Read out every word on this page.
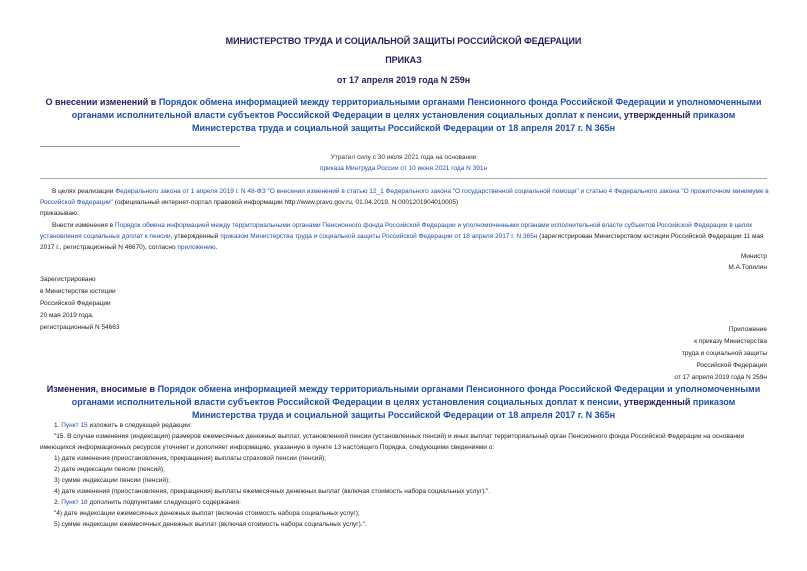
МИНИСТЕРСТВО ТРУДА И СОЦИАЛЬНОЙ ЗАЩИТЫ РОССИЙСКОЙ ФЕДЕРАЦИИ
ПРИКАЗ
от 17 апреля 2019 года N 259н
О внесении изменений в Порядок обмена информацией между территориальными органами Пенсионного фонда Российской Федерации и уполномоченными органами исполнительной власти субъектов Российской Федерации в целях установления социальных доплат к пенсии, утвержденный приказом Министерства труда и социальной защиты Российской Федерации от 18 апреля 2017 г. N 365н
Утратил силу с 30 июля 2021 года на основании
приказа Минтруда России от 10 июня 2021 года N 391н
В целях реализации Федерального закона от 1 апреля 2019 г. N 48-ФЗ "О внесении изменений в статью 12_1 Федерального закона "О государственной социальной помощи" и статью 4 Федерального закона "О прожиточном минимуме в Российской Федерации" (официальный интернет-портал правовой информации http://www.pravo.gov.ru, 01.04.2019, N 0001201904010005)
приказываю:
Внести изменения в Порядок обмена информацией между территориальными органами Пенсионного фонда Российской Федерации и уполномоченными органами исполнительной власти субъектов Российской Федерации в целях установления социальных доплат к пенсии, утвержденный приказом Министерства труда и социальной защиты Российской Федерации от 18 апреля 2017 г. N 365н (зарегистрирован Министерством юстиции Российской Федерации 11 мая 2017 г., регистрационный N 46670), согласно приложению.
Министр
М.А.Топилин
Зарегистрировано
в Министерстве юстиции
Российской Федерации
20 мая 2019 года,
регистрационный N 54663	Приложение
к приказу Министерства
труда и социальной защиты
Российской Федерации
от 17 апреля 2019 года N 259н
Изменения, вносимые в Порядок обмена информацией между территориальными органами Пенсионного фонда Российской Федерации и уполномоченными органами исполнительной власти субъектов Российской Федерации в целях установления социальных доплат к пенсии, утвержденный приказом Министерства труда и социальной защиты Российской Федерации от 18 апреля 2017 г. N 365н
1. Пункт 15 изложить в следующей редакции:
"15. В случае изменения (индексации) размеров ежемесячных денежных выплат, установленной пенсии (установленных пенсий) и иных выплат территориальный орган Пенсионного фонда Российской Федерации на основании имеющихся информационных ресурсов уточняет и дополняет информацию, указанную в пункте 13 настоящего Порядка, следующими сведениями о:
1) дате изменения (приостановления, прекращения) выплаты страховой пенсии (пенсий);
2) дате индексации пенсии (пенсий);
3) сумме индексации пенсии (пенсий);
4) дате изменения (приостановления, прекращения) выплаты ежемесячных денежных выплат (включая стоимость набора социальных услуг).".
2. Пункт 18 дополнить подпунктами следующего содержания:
"4) дате индексации ежемесячных денежных выплат (включая стоимость набора социальных услуг);
5) сумме индексации ежемесячных денежных выплат (включая стоимость набора социальных услуг).".
